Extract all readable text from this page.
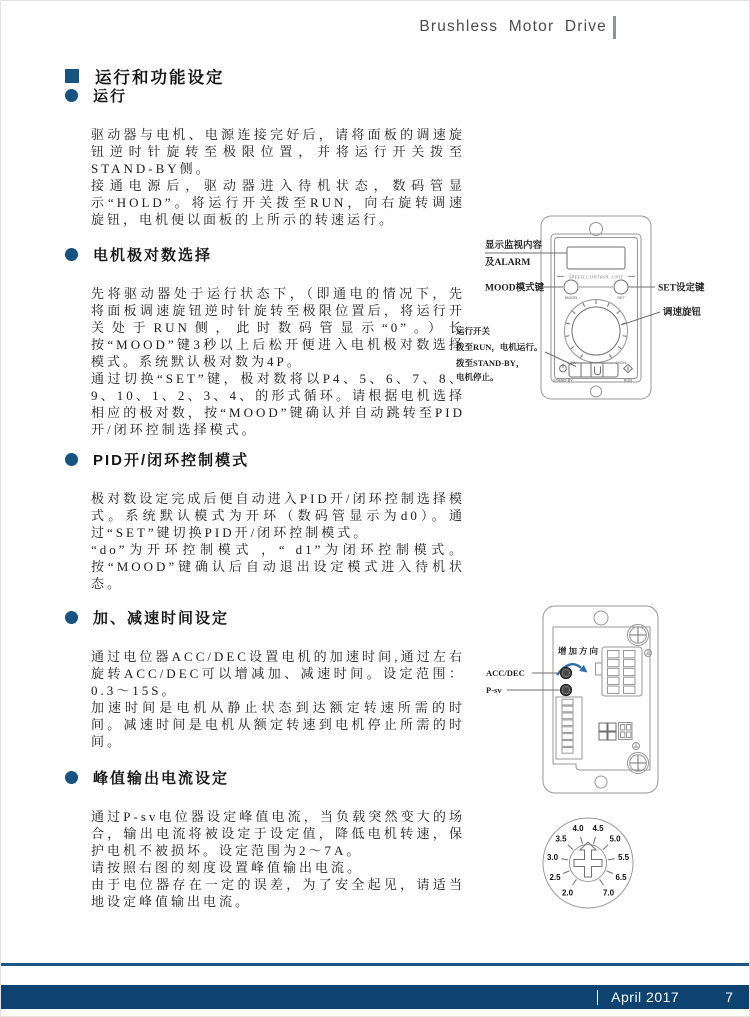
Brushless Motor Drive
运行和功能设定
运行

驱动器与电机、电源连接完好后，请将面板的调速旋钮逆时针旋转至极限位置，并将运行开关拨至STAND-BY侧。

接通电源后，驱动器进入待机状态，数码管显示“HOLD”。将运行开关拨至RUN，向右旋转调速旋钮，电机便以面板的上所示的转速运行。

电机极对数选择

先将驱动器处于运行状态下，（即通电的情况下，先将面板调速旋钮逆时针旋转至极限位置后，将运行开关处于RUN侧，此时数码管显示“0”。）长按“MOOD”键3秒以上后松开便进入电机极对数选择模式。系统默认极对数为4P。

通过切换“SET”键，极对数将以P4、5、6、7、8、9、10、1、2、3、4、的形式循环。请根据电机选择相应的极对数，按“MOOD”键确认并自动跳转至PID开/闭环控制选择模式。

PID开/闭环控制模式

极对数设定完成后便自动进入PID开/闭环控制选择模式。系统默认模式为开环（数码管显示为d0）。通过“SET”键切换PID开/闭环控制模式。

“do”为开环控制模式 ，“ d1”为闭环控制模式。按“MOOD”键确认后自动退出设定模式进入待机状态。

加、减速时间设定

通过电位器ACC/DEC设置电机的加速时间,通过左右旋转ACC/DEC可以增减加、减速时间。设定范围：0.3～15S。

加速时间是电机从静止状态到达额定转速所需的时间。减速时间是电机从额定转速到电机停止所需的时间。

峰值输出电流设定

通过P-sv电位器设定峰值电流，当负载突然变大的场合，输出电流将被设定于设定值，降低电机转速，保护电机不被损坏。设定范围为2～7A。

请按照右图的刻度设置峰值输出电流。

由于电位器存在一定的误差，为了安全起见，请适当地设定峰值输出电流。

SPEED CONTROL UNIT
MOOD	SET
LOW	HIGH
STAND-BY	RUN
显示监视内容
及ALARM
MOOD模式键	SET设定键
调速旋钮
运行开关
拨至RUN，电机运行。
拨至STAND-BY，
电机停止。
增加方向
ACC/DEC
P-sv
4.0
3.5
3.0
2.5
2.0
4.5
5.0
5.5
6.5
7.0
April 2017	7
